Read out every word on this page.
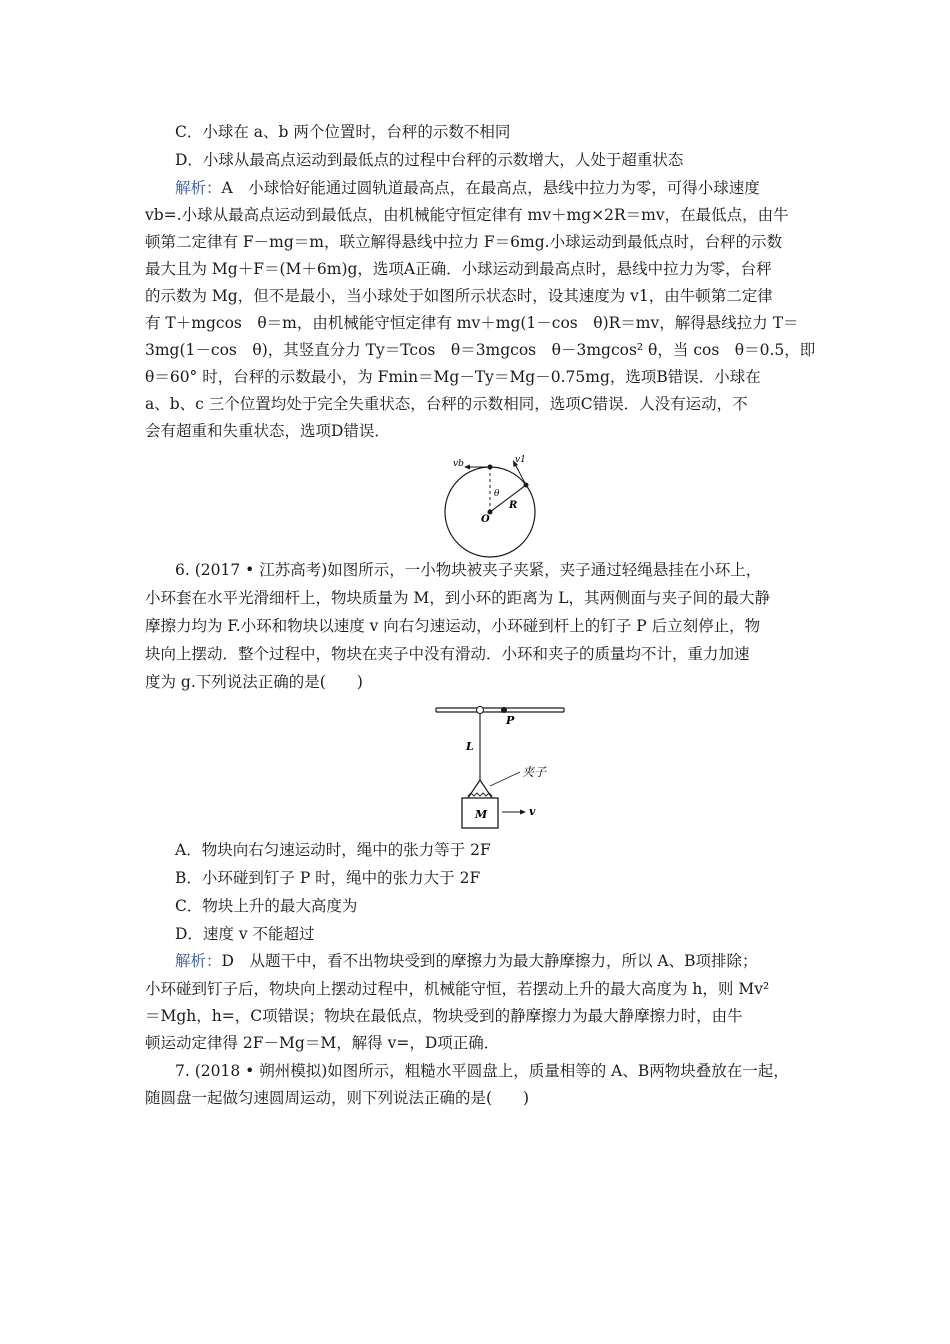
C．小球在 a、b 两个位置时，台秤的示数不相同
D．小球从最高点运动到最低点的过程中台秤的示数增大，人处于超重状态
解析：A　小球恰好能通过圆轨道最高点，在最高点，悬线中拉力为零，可得小球速度
vb=.小球从最高点运动到最低点，由机械能守恒定律有 mv＋mg×2R＝mv，在最低点，由牛
顿第二定律有 F－mg＝m，联立解得悬线中拉力 F＝6mg.小球运动到最低点时，台秤的示数
最大且为 Mg＋F＝(M＋6m)g，选项A正确．小球运动到最高点时，悬线中拉力为零，台秤
的示数为 Mg，但不是最小，当小球处于如图所示状态时，设其速度为 v1，由牛顿第二定律
有 T＋mgcos　θ＝m，由机械能守恒定律有 mv＋mg(1－cos　θ)R＝mv，解得悬线拉力 T＝
3mg(1－cos　θ)，其竖直分力 Ty＝Tcos　θ＝3mgcos　θ－3mgcos² θ，当 cos　θ＝0.5，即
θ＝60° 时，台秤的示数最小，为 Fmin＝Mg－Ty＝Mg－0.75mg，选项B错误．小球在
a、b、c 三个位置均处于完全失重状态，台秤的示数相同，选项C错误．人没有运动，不
会有超重和失重状态，选项D错误．
vb	v1
θ
O
R
6. (2017 • 江苏高考)如图所示，一小物块被夹子夹紧，夹子通过轻绳悬挂在小环上，
小环套在水平光滑细杆上，物块质量为 M，到小环的距离为 L，其两侧面与夹子间的最大静
摩擦力均为 F.小环和物块以速度 v 向右匀速运动，小环碰到杆上的钉子 P 后立刻停止，物
块向上摆动．整个过程中，物块在夹子中没有滑动．小环和夹子的质量均不计，重力加速
度为 g.下列说法正确的是(　　)
P
L
夹子
M	v
A．物块向右匀速运动时，绳中的张力等于 2F
B．小环碰到钉子 P 时，绳中的张力大于 2F
C．物块上升的最大高度为
D．速度 v 不能超过
解析：D　从题干中，看不出物块受到的摩擦力为最大静摩擦力，所以 A、B项排除；
小环碰到钉子后，物块向上摆动过程中，机械能守恒，若摆动上升的最大高度为 h，则 Mv²
＝Mgh，h=，C项错误；物块在最低点，物块受到的静摩擦力为最大静摩擦力时，由牛
顿运动定律得 2F－Mg＝M，解得 v=，D项正确．
7. (2018 • 朔州模拟)如图所示，粗糙水平圆盘上，质量相等的 A、B两物块叠放在一起，
随圆盘一起做匀速圆周运动，则下列说法正确的是(　　)
